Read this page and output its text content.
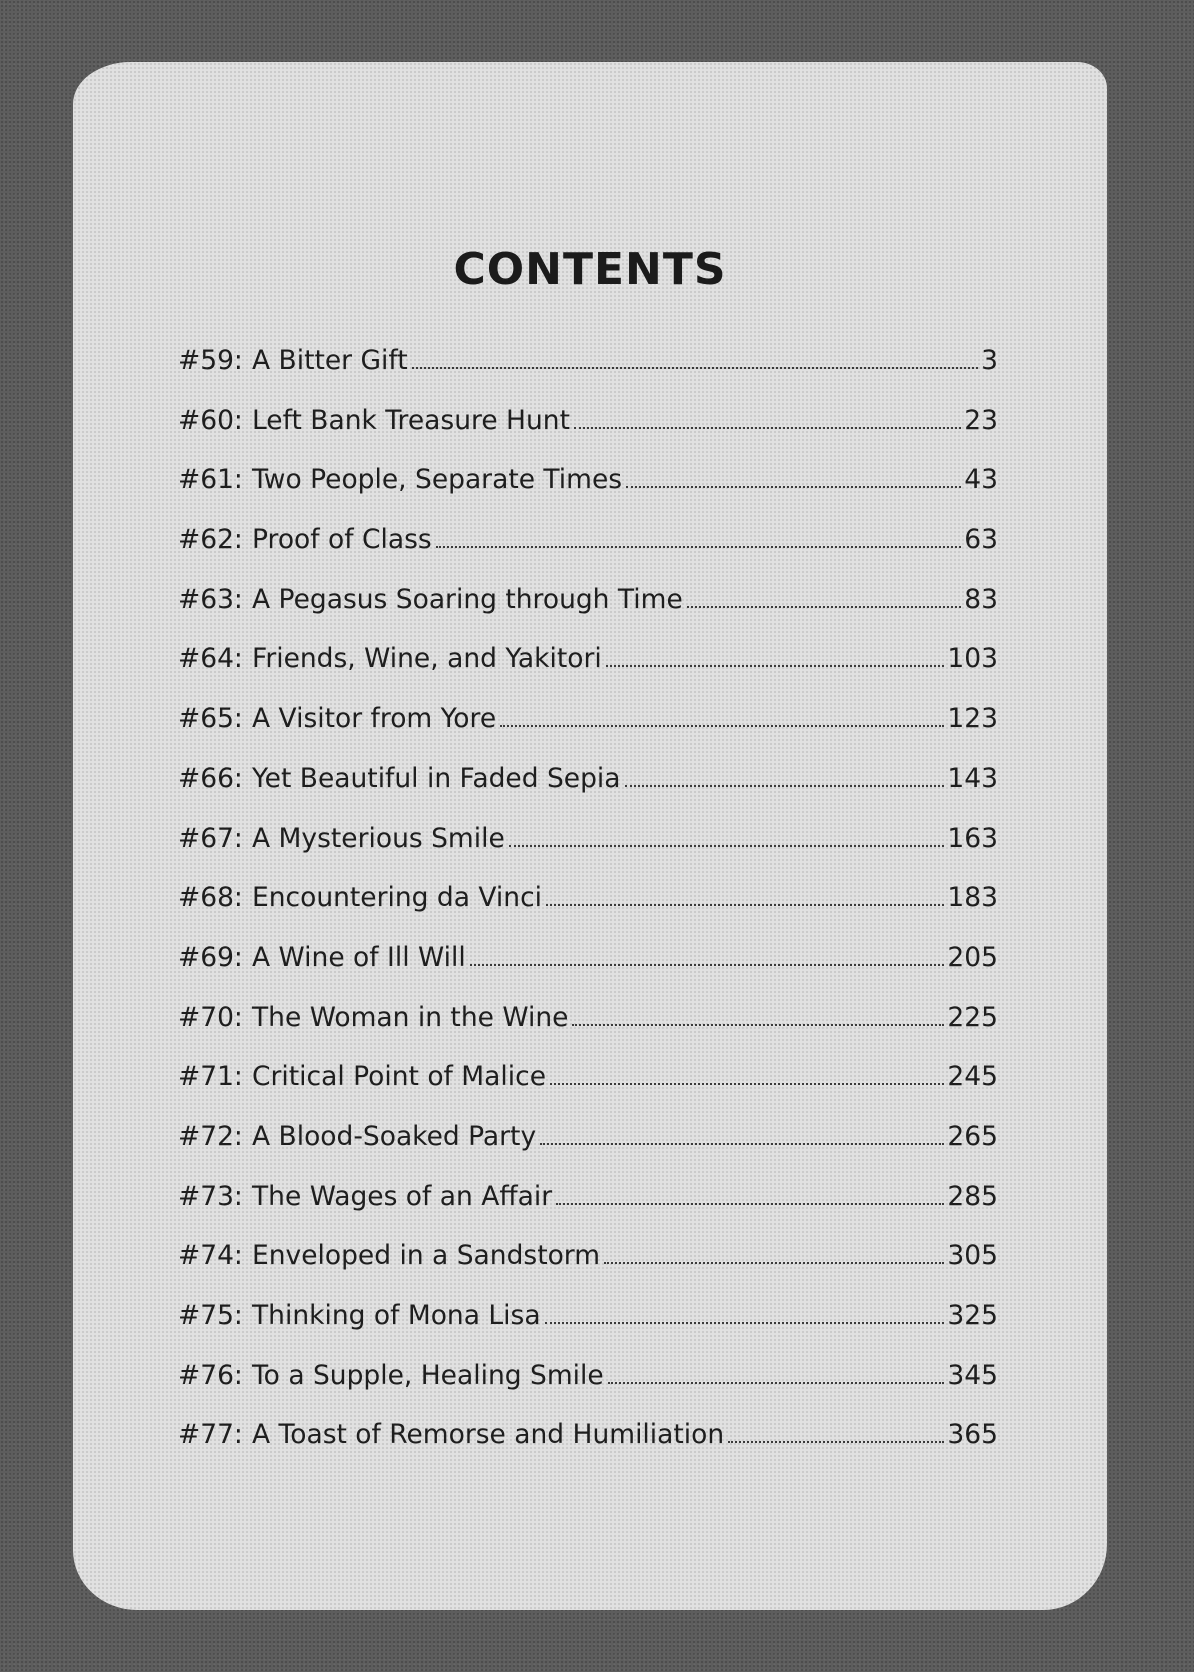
CONTENTS
#59: A Bitter Gift	3
#60: Left Bank Treasure Hunt	23
#61: Two People, Separate Times	43
#62: Proof of Class	63
#63: A Pegasus Soaring through Time	83
#64: Friends, Wine, and Yakitori	103
#65: A Visitor from Yore	123
#66: Yet Beautiful in Faded Sepia	143
#67: A Mysterious Smile	163
#68: Encountering da Vinci	183
#69: A Wine of Ill Will	205
#70: The Woman in the Wine	225
#71: Critical Point of Malice	245
#72: A Blood-Soaked Party	265
#73: The Wages of an Affair	285
#74: Enveloped in a Sandstorm	305
#75: Thinking of Mona Lisa	325
#76: To a Supple, Healing Smile	345
#77: A Toast of Remorse and Humiliation	365
